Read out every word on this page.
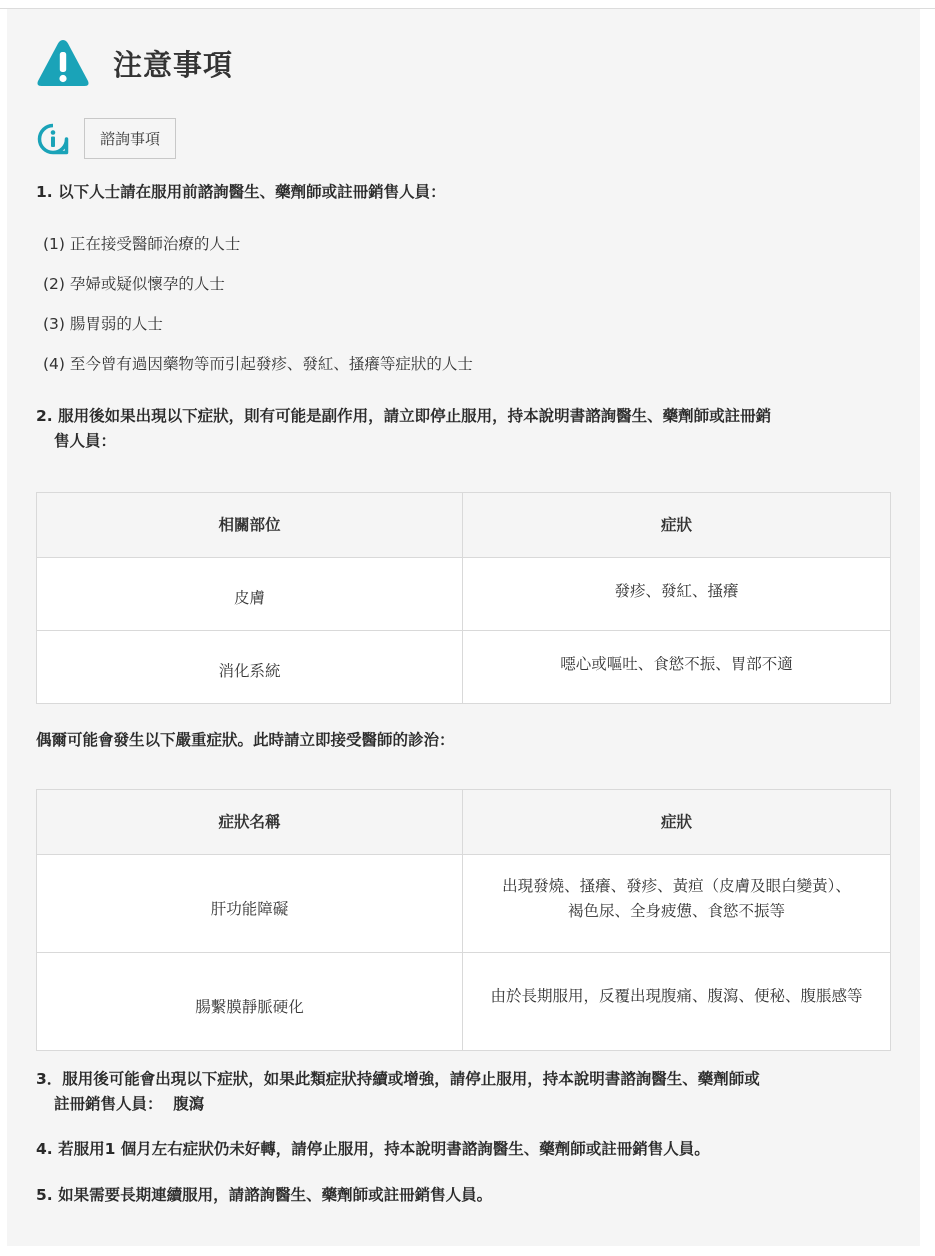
注意事項
諮詢事項
1. 以下人士請在服用前諮詢醫生、藥劑師或註冊銷售人員：
(1) 正在接受醫師治療的人士
(2) 孕婦或疑似懷孕的人士
(3) 腸胃弱的人士
(4) 至今曾有過因藥物等而引起發疹、發紅、搔癢等症狀的人士
2. 服用後如果出現以下症狀，則有可能是副作用，請立即停止服用，持本說明書諮詢醫生、藥劑師或註冊銷
售人員：
相關部位	症狀
皮膚	發疹、發紅、搔癢
消化系統	噁心或嘔吐、食慾不振、胃部不適
偶爾可能會發生以下嚴重症狀。此時請立即接受醫師的診治：
症狀名稱	症狀
肝功能障礙	出現發燒、搔癢、發疹、黃疸（皮膚及眼白變黃）、褐色尿、全身疲憊、食慾不振等
腸繫膜靜脈硬化	由於長期服用，反覆出現腹痛、腹瀉、便秘、腹脹感等
3．服用後可能會出現以下症狀，如果此類症狀持續或增強，請停止服用，持本說明書諮詢醫生、藥劑師或
註冊銷售人員：  腹瀉
4. 若服用1 個月左右症狀仍未好轉，請停止服用，持本說明書諮詢醫生、藥劑師或註冊銷售人員。
5. 如果需要長期連續服用，請諮詢醫生、藥劑師或註冊銷售人員。
